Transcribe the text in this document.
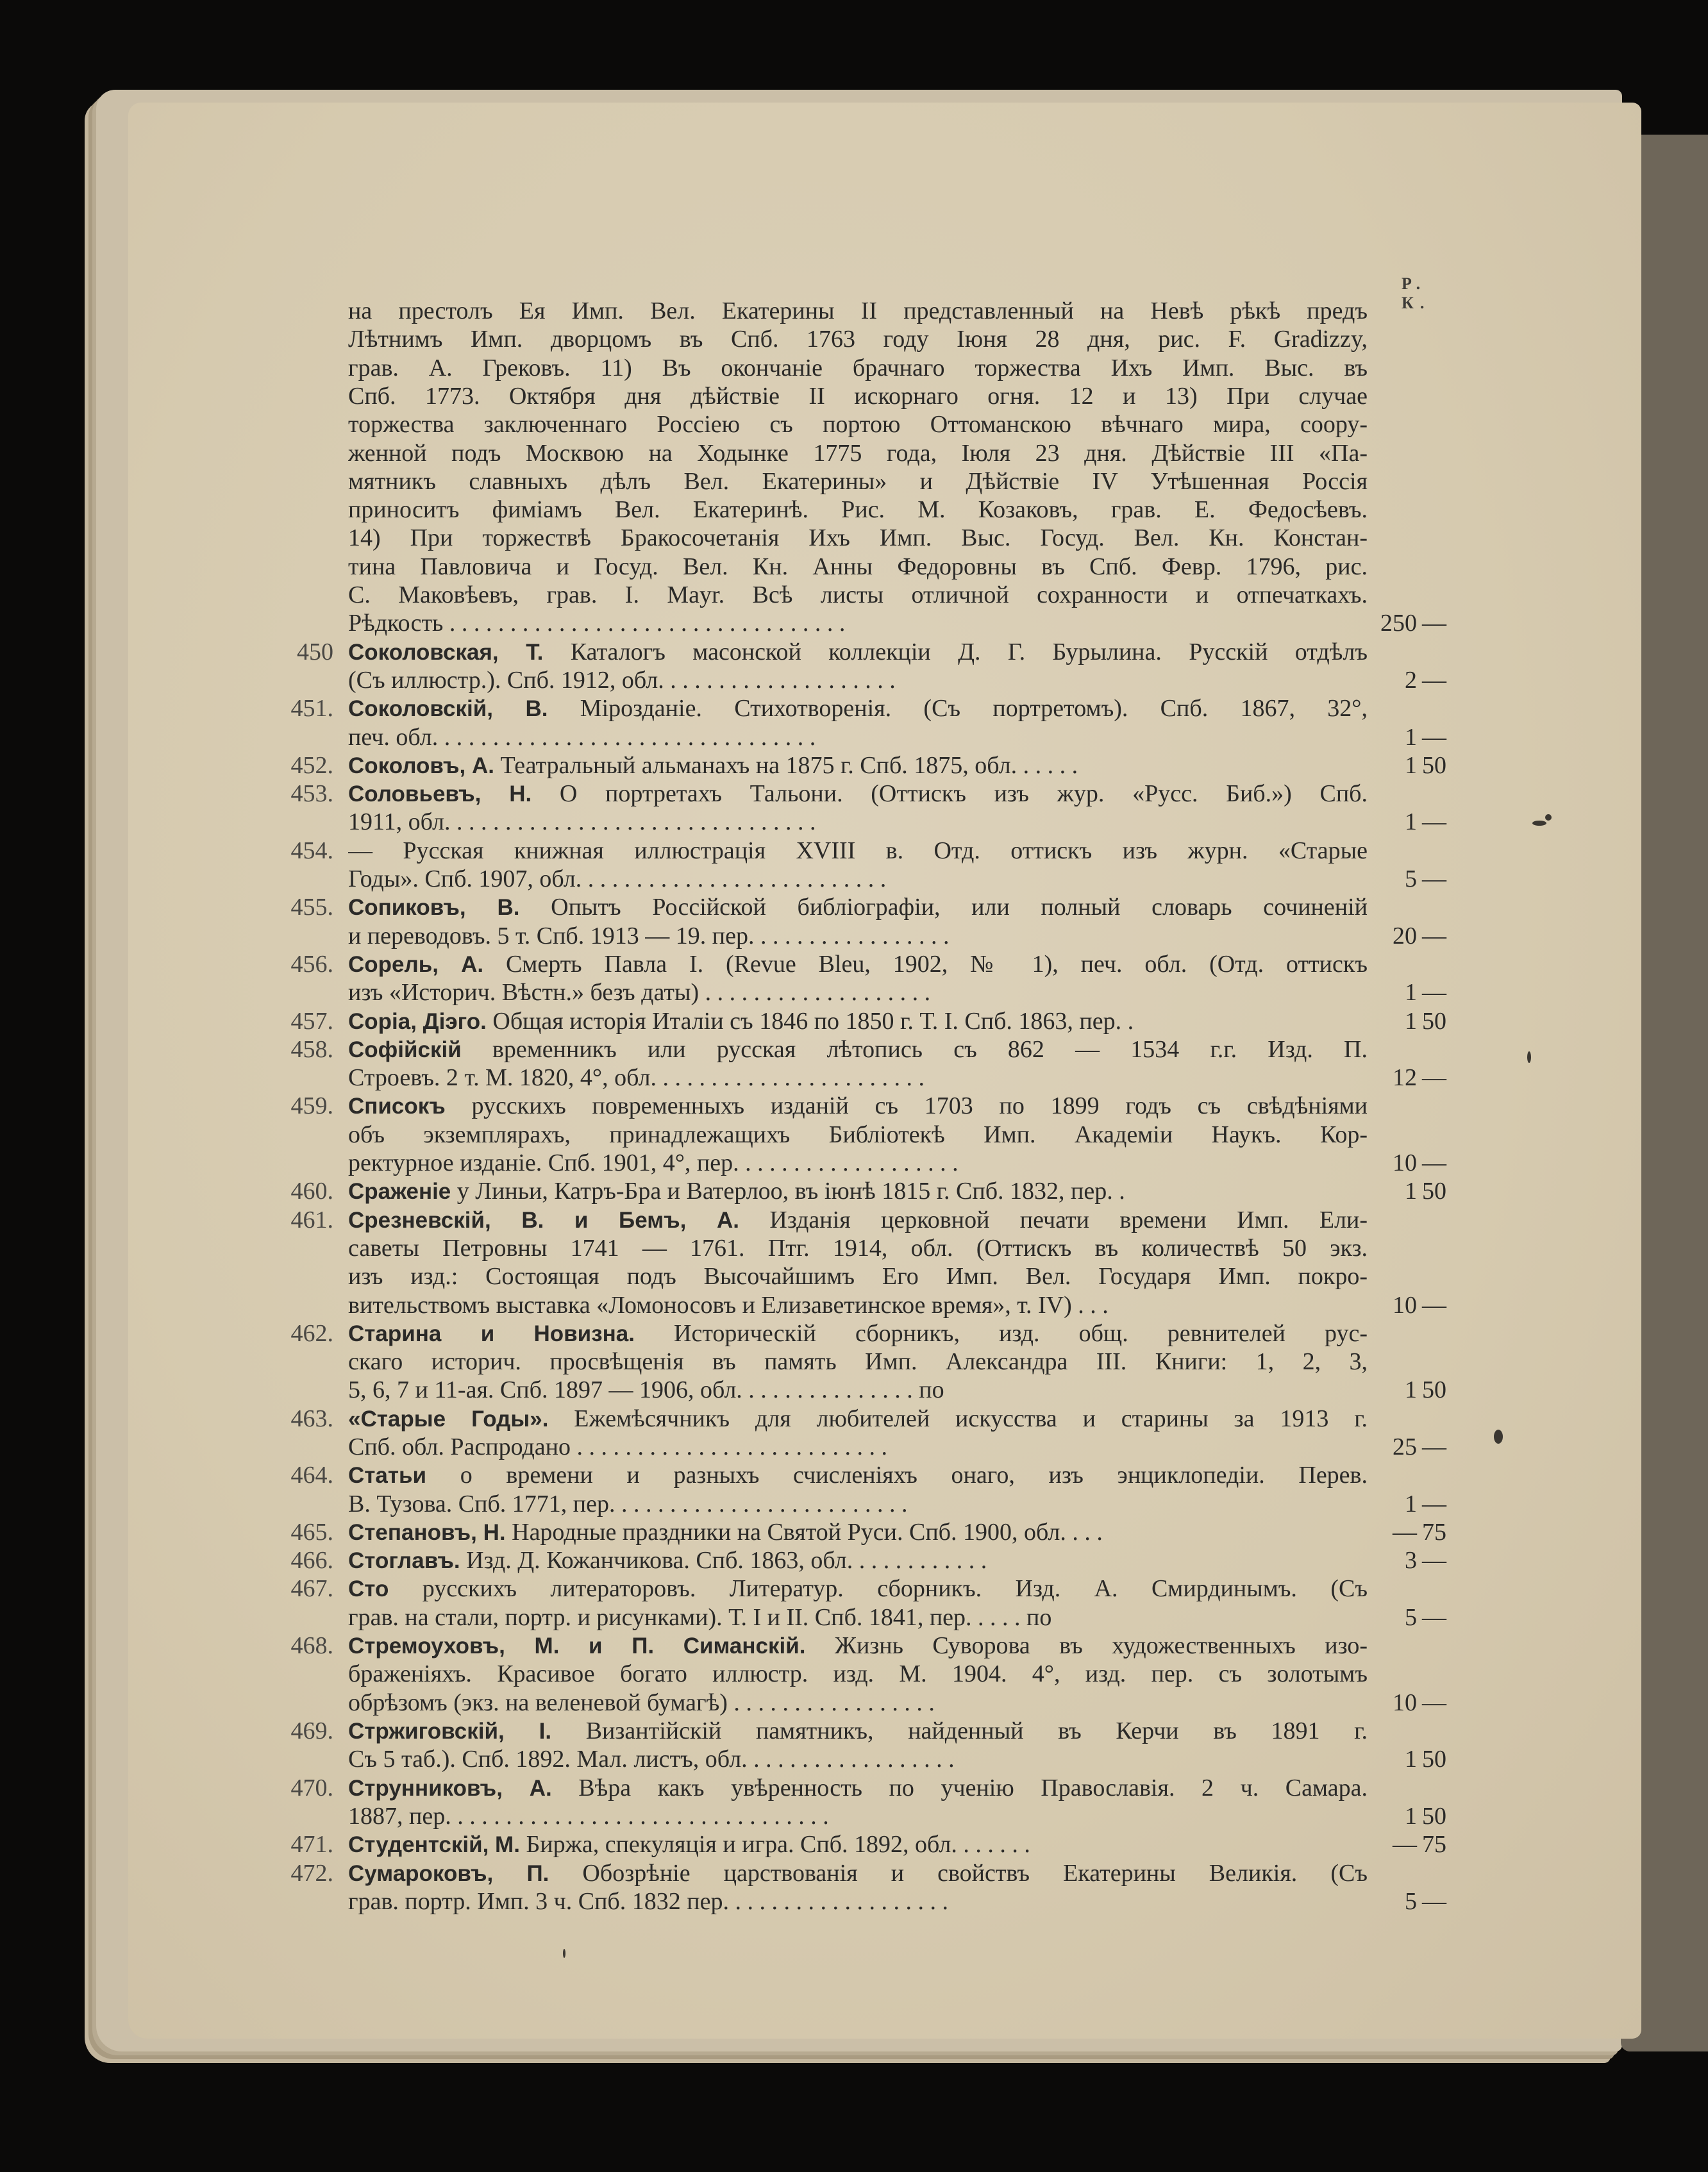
Р. К.
на престолъ Ея Имп. Вел. Екатерины II представленный на Невѣ рѣкѣ предъ
Лѣтнимъ Имп. дворцомъ въ Спб. 1763 году Іюня 28 дня, рис. F. Gradizzy,
грав. А. Грековъ. 11) Въ окончаніе брачнаго торжества Ихъ Имп. Выс. въ
Спб. 1773. Октября дня дѣйствіе II искорнаго огня. 12 и 13) При случае
торжества заключеннаго Россіею съ портою Оттоманскою вѣчнаго мира, соору-
женной подъ Москвою на Ходынке 1775 года, Іюля 23 дня. Дѣйствіе III «Па-
мятникъ славныхъ дѣлъ Вел. Екатерины» и Дѣйствіе IV Утѣшенная Россія
приноситъ фиміамъ Вел. Екатеринѣ. Рис. М. Козаковъ, грав. Е. Федосѣевъ.
14) При торжествѣ Бракосочетанія Ихъ Имп. Выс. Госуд. Вел. Кн. Констан-
тина Павловича и Госуд. Вел. Кн. Анны Федоровны въ Спб. Февр. 1796, рис.
С. Маковѣевъ, грав. I. Mayr. Всѣ листы отличной сохранности и отпечаткахъ.
Рѣдкость . . . . . . . . . . . . . . . . . . . . . . . . . . . . . . . . .	250 —
450 Соколовская, Т. Каталогъ масонской коллекціи Д. Г. Бурылина. Русскій отдѣлъ
(Съ иллюстр.). Спб. 1912, обл. . . . . . . . . . . . . . . . . . . .	2 —
451. Соколовскій, В. Мірозданіе. Стихотворенія. (Съ портретомъ). Спб. 1867, 32°,
печ. обл. . . . . . . . . . . . . . . . . . . . . . . . . . . . . . . .	1 —
452. Соколовъ, А. Театральный альманахъ на 1875 г. Спб. 1875, обл. . . . . .	1 50
453. Соловьевъ, Н. О портретахъ Тальони. (Оттискъ изъ жур. «Русс. Биб.») Спб.
1911, обл. . . . . . . . . . . . . . . . . . . . . . . . . . . . . . .	1 —
454. — Русская книжная иллюстрація XVIII в. Отд. оттискъ изъ журн. «Старые
Годы». Спб. 1907, обл. . . . . . . . . . . . . . . . . . . . . . . . . .	5 —
455. Сопиковъ, В. Опытъ Россійской библіографіи, или полный словарь сочиненій
и переводовъ. 5 т. Спб. 1913 — 19. пер. . . . . . . . . . . . . . . . .	20 —
456. Сорель, А. Смерть Павла I. (Revue Bleu, 1902, № 1), печ. обл. (Отд. оттискъ
изъ «Историч. Вѣстн.» безъ даты) . . . . . . . . . . . . . . . . . . .	1 —
457. Соріа, Діэго. Общая исторія Италіи съ 1846 по 1850 г. Т. I. Спб. 1863, пер. .	1 50
458. Софійскій временникъ или русская лѣтопись съ 862 — 1534 г.г. Изд. П.
Строевъ. 2 т. М. 1820, 4°, обл. . . . . . . . . . . . . . . . . . . . . . .	12 —
459. Списокъ русскихъ повременныхъ изданій съ 1703 по 1899 годъ съ свѣдѣніями
объ экземплярахъ, принадлежащихъ Библіотекѣ Имп. Академіи Наукъ. Кор-
ректурное изданіе. Спб. 1901, 4°, пер. . . . . . . . . . . . . . . . . . .	10 —
460. Сраженіе у Линьи, Катръ-Бра и Ватерлоо, въ іюнѣ 1815 г. Спб. 1832, пер. .	1 50
461. Срезневскій, В. и Бемъ, А. Изданія церковной печати времени Имп. Ели-
саветы Петровны 1741 — 1761. Птг. 1914, обл. (Оттискъ въ количествѣ 50 экз.
изъ изд.: Состоящая подъ Высочайшимъ Его Имп. Вел. Государя Имп. покро-
вительствомъ выставка «Ломоносовъ и Елизаветинское время», т. IV) . . .	10 —
462. Старина и Новизна. Историческій сборникъ, изд. общ. ревнителей рус-
скаго историч. просвѣщенія въ память Имп. Александра III. Книги: 1, 2, 3,
5, 6, 7 и 11-ая. Спб. 1897 — 1906, обл. . . . . . . . . . . . . . . по	1 50
463. «Старые Годы». Ежемѣсячникъ для любителей искусства и старины за 1913 г.
Спб. обл. Распродано . . . . . . . . . . . . . . . . . . . . . . . . . .	25 —
464. Статьи о времени и разныхъ счисленіяхъ онаго, изъ энциклопедіи. Перев.
В. Тузова. Спб. 1771, пер. . . . . . . . . . . . . . . . . . . . . . . . .	1 —
465. Степановъ, Н. Народные праздники на Святой Руси. Спб. 1900, обл. . . .	— 75
466. Стоглавъ. Изд. Д. Кожанчикова. Спб. 1863, обл. . . . . . . . . . . .	3 —
467. Сто русскихъ литераторовъ. Литератур. сборникъ. Изд. А. Смирдинымъ. (Съ
грав. на стали, портр. и рисунками). Т. I и II. Спб. 1841, пер. . . . . по	5 —
468. Стремоуховъ, М. и П. Симанскій. Жизнь Суворова въ художественныхъ изо-
браженіяхъ. Красивое богато иллюстр. изд. М. 1904. 4°, изд. пер. съ золотымъ
обрѣзомъ (экз. на веленевой бумагѣ) . . . . . . . . . . . . . . . . .	10 —
469. Стржиговскій, І. Византійскій памятникъ, найденный въ Керчи въ 1891 г.
Съ 5 таб.). Спб. 1892. Мал. листъ, обл. . . . . . . . . . . . . . . . . .	1 50
470. Струнниковъ, А. Вѣра какъ увѣренность по ученію Православія. 2 ч. Самара.
1887, пер. . . . . . . . . . . . . . . . . . . . . . . . . . . . . . . .	1 50
471. Студентскій, М. Биржа, спекуляція и игра. Спб. 1892, обл. . . . . . .	— 75
472. Сумароковъ, П. Обозрѣніе царствованія и свойствъ Екатерины Великія. (Съ
грав. портр. Имп. 3 ч. Спб. 1832 пер. . . . . . . . . . . . . . . . . . .	5 —
